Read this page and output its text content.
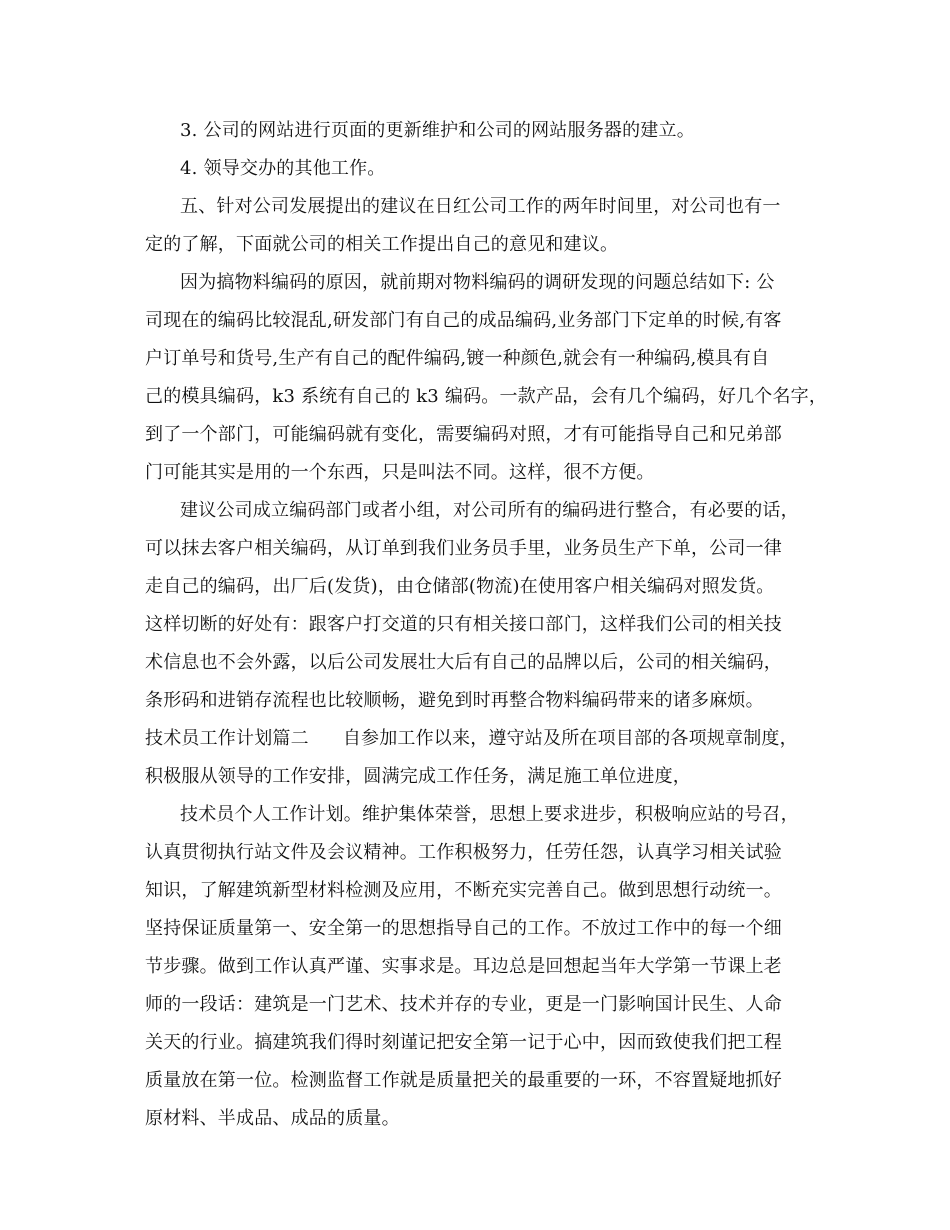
3. 公司的网站进行页面的更新维护和公司的网站服务器的建立。
4. 领导交办的其他工作。
五、针对公司发展提出的建议在日红公司工作的两年时间里，对公司也有一
定的了解，下面就公司的相关工作提出自己的意见和建议。
因为搞物料编码的原因，就前期对物料编码的调研发现的问题总结如下: 公
司现在的编码比较混乱,研发部门有自己的成品编码,业务部门下定单的时候,有客
户订单号和货号,生产有自己的配件编码,镀一种颜色,就会有一种编码,模具有自
己的模具编码，k3 系统有自己的 k3 编码。一款产品，会有几个编码，好几个名字，
到了一个部门，可能编码就有变化，需要编码对照，才有可能指导自己和兄弟部
门可能其实是用的一个东西，只是叫法不同。这样，很不方便。
建议公司成立编码部门或者小组，对公司所有的编码进行整合，有必要的话，
可以抹去客户相关编码，从订单到我们业务员手里，业务员生产下单，公司一律
走自己的编码，出厂后(发货)，由仓储部(物流)在使用客户相关编码对照发货。
这样切断的好处有：跟客户打交道的只有相关接口部门，这样我们公司的相关技
术信息也不会外露，以后公司发展壮大后有自己的品牌以后，公司的相关编码，
条形码和进销存流程也比较顺畅，避免到时再整合物料编码带来的诸多麻烦。
技术员工作计划篇二 自参加工作以来，遵守站及所在项目部的各项规章制度，
积极服从领导的工作安排，圆满完成工作任务，满足施工单位进度，
技术员个人工作计划。维护集体荣誉，思想上要求进步，积极响应站的号召，
认真贯彻执行站文件及会议精神。工作积极努力，任劳任怨，认真学习相关试验
知识，了解建筑新型材料检测及应用，不断充实完善自己。做到思想行动统一。
坚持保证质量第一、安全第一的思想指导自己的工作。不放过工作中的每一个细
节步骤。做到工作认真严谨、实事求是。耳边总是回想起当年大学第一节课上老
师的一段话：建筑是一门艺术、技术并存的专业，更是一门影响国计民生、人命
关天的行业。搞建筑我们得时刻谨记把安全第一记于心中，因而致使我们把工程
质量放在第一位。检测监督工作就是质量把关的最重要的一环，不容置疑地抓好
原材料、半成品、成品的质量。
